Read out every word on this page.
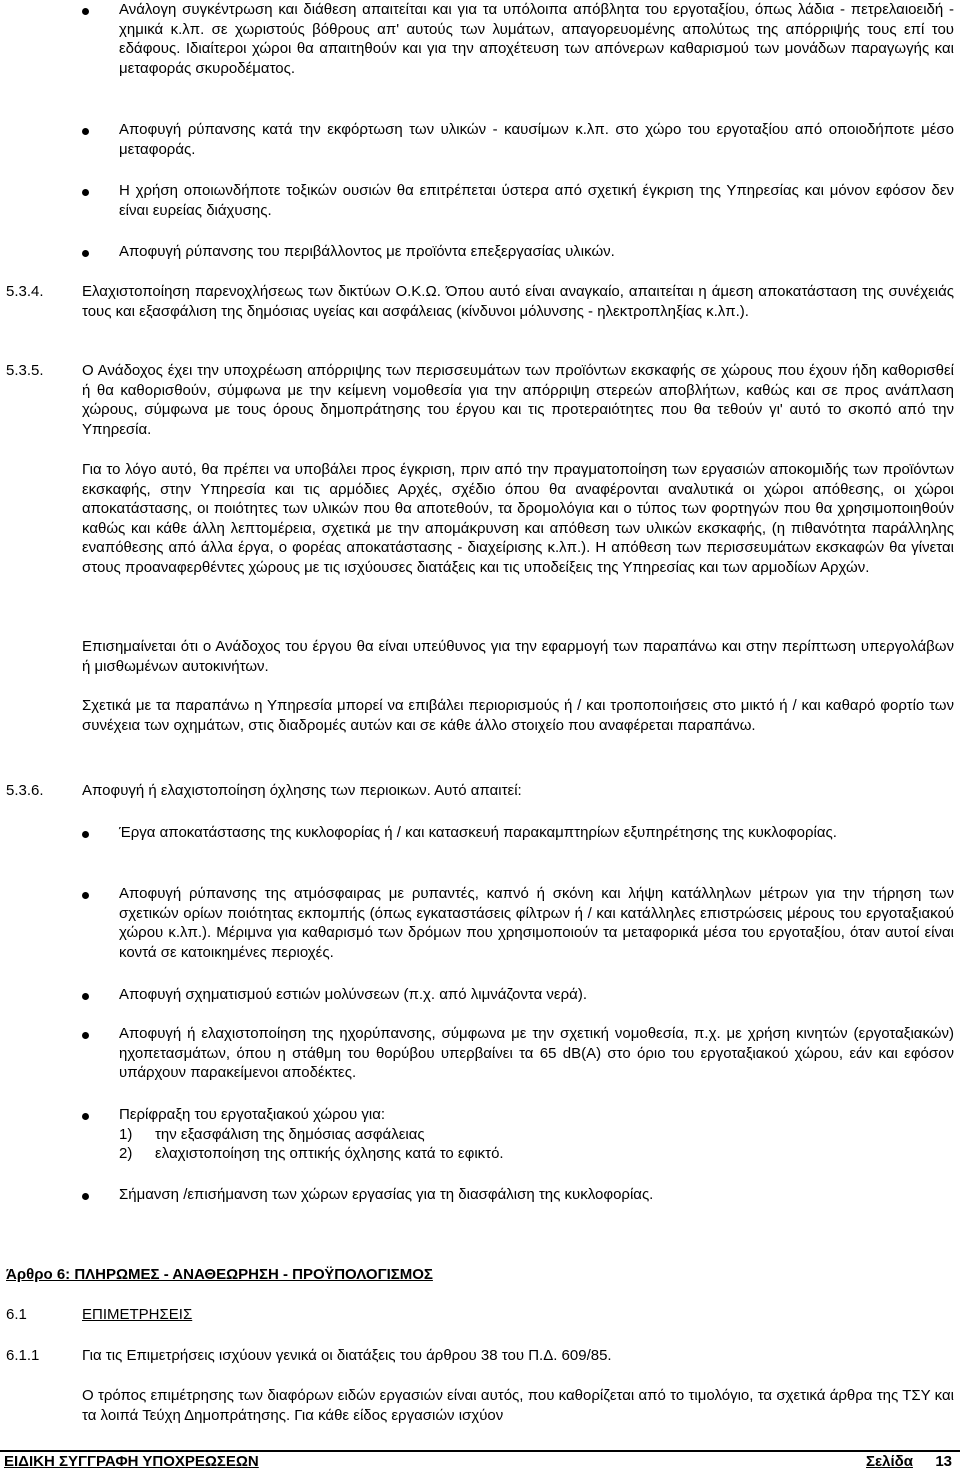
Ανάλογη συγκέντρωση και διάθεση απαιτείται και για τα υπόλοιπα απόβλητα του εργοταξίου, όπως λάδια - πετρελαιοειδή - χημικά κ.λπ. σε χωριστούς βόθρους απ' αυτούς των λυμάτων, απαγορευομένης απολύτως της απόρριψής τους επί του εδάφους. Ιδιαίτεροι χώροι θα απαιτηθούν και για την αποχέτευση των απόνερων καθαρισμού των μονάδων παραγωγής και μεταφοράς σκυροδέματος.

Αποφυγή ρύπανσης κατά την εκφόρτωση των υλικών - καυσίμων κ.λπ. στο χώρο του εργοταξίου από οποιοδήποτε μέσο μεταφοράς.

Η χρήση οποιωνδήποτε τοξικών ουσιών θα επιτρέπεται ύστερα από σχετική έγκριση της Υπηρεσίας και μόνον εφόσον δεν είναι ευρείας διάχυσης.

Αποφυγή ρύπανσης του περιβάλλοντος με προϊόντα επεξεργασίας υλικών.

5.3.4.	Ελαχιστοποίηση παρενοχλήσεως των δικτύων Ο.Κ.Ω. Όπου αυτό είναι αναγκαίο, απαιτείται η άμεση αποκατάσταση της συνέχειάς τους και εξασφάλιση της δημόσιας υγείας και ασφάλειας (κίνδυνοι μόλυνσης - ηλεκτροπληξίας κ.λπ.).

5.3.5.	Ο Ανάδοχος έχει την υποχρέωση απόρριψης των περισσευμάτων των προϊόντων εκσκαφής σε χώρους που έχουν ήδη καθορισθεί ή θα καθορισθούν, σύμφωνα με την κείμενη νομοθεσία για την απόρριψη στερεών αποβλήτων, καθώς και σε προς ανάπλαση χώρους, σύμφωνα με τους όρους δημοπράτησης του έργου και τις προτεραιότητες που θα τεθούν γι' αυτό το σκοπό από την Υπηρεσία.

Για το λόγο αυτό, θα πρέπει να υποβάλει προς έγκριση, πριν από την πραγματοποίηση των εργασιών αποκομιδής των προϊόντων εκσκαφής, στην Υπηρεσία και τις αρμόδιες Αρχές, σχέδιο όπου θα αναφέρονται αναλυτικά οι χώροι απόθεσης, οι χώροι αποκατάστασης, οι ποιότητες των υλικών που θα αποτεθούν, τα δρομολόγια και ο τύπος των φορτηγών που θα χρησιμοποιηθούν καθώς και κάθε άλλη λεπτομέρεια, σχετικά με την απομάκρυνση και απόθεση των υλικών εκσκαφής, (η πιθανότητα παράλληλης εναπόθεσης από άλλα έργα, ο φορέας αποκατάστασης - διαχείρισης κ.λπ.). Η απόθεση των περισσευμάτων εκσκαφών θα γίνεται στους προαναφερθέντες χώρους με τις ισχύουσες διατάξεις και τις υποδείξεις της Υπηρεσίας και των αρμοδίων Αρχών.

Επισημαίνεται ότι ο Ανάδοχος του έργου θα είναι υπεύθυνος για την εφαρμογή των παραπάνω και στην περίπτωση υπεργολάβων ή μισθωμένων αυτοκινήτων.

Σχετικά με τα παραπάνω η Υπηρεσία μπορεί να επιβάλει περιορισμούς ή / και τροποποιήσεις στο μικτό ή / και καθαρό φορτίο των συνέχεια των οχημάτων, στις διαδρομές αυτών και σε κάθε άλλο στοιχείο που αναφέρεται παραπάνω.

5.3.6.	Αποφυγή ή ελαχιστοποίηση όχλησης των περιοικων. Αυτό απαιτεί:

Έργα αποκατάστασης της κυκλοφορίας ή / και κατασκευή παρακαμπτηρίων εξυπηρέτησης της κυκλοφορίας.

Αποφυγή ρύπανσης της ατμόσφαιρας με ρυπαντές, καπνό ή σκόνη και λήψη κατάλληλων μέτρων για την τήρηση των σχετικών ορίων ποιότητας εκπομπής (όπως εγκαταστάσεις φίλτρων ή / και κατάλληλες επιστρώσεις μέρους του εργοταξιακού χώρου κ.λπ.). Μέριμνα για καθαρισμό των δρόμων που χρησιμοποιούν τα μεταφορικά μέσα του εργοταξίου, όταν αυτοί είναι κοντά σε κατοικημένες περιοχές.

Αποφυγή σχηματισμού εστιών μολύνσεων (π.χ. από λιμνάζοντα νερά).

Αποφυγή ή ελαχιστοποίηση της ηχορύπανσης, σύμφωνα με την σχετική νομοθεσία, π.χ. με χρήση κινητών (εργοταξιακών) ηχοπετασμάτων, όπου η στάθμη του θορύβου υπερβαίνει τα 65 dB(A) στο όριο του εργοταξιακού χώρου, εάν και εφόσον υπάρχουν παρακείμενοι αποδέκτες.

Περίφραξη του εργοταξιακού χώρου για:
1) την εξασφάλιση της δημόσιας ασφάλειας
2) ελαχιστοποίηση της οπτικής όχλησης κατά το εφικτό.

Σήμανση /επισήμανση των χώρων εργασίας για τη διασφάλιση της κυκλοφορίας.

Άρθρο 6: ΠΛΗΡΩΜΕΣ - ΑΝΑΘΕΩΡΗΣΗ - ΠΡΟΫΠΟΛΟΓΙΣΜΟΣ
6.1	ΕΠΙΜΕΤΡΗΣΕΙΣ
6.1.1	Για τις Επιμετρήσεις ισχύουν γενικά οι διατάξεις του άρθρου 38 του Π.Δ. 609/85.

Ο τρόπος επιμέτρησης των διαφόρων ειδών εργασιών είναι αυτός, που καθορίζεται από το τιμολόγιο, τα σχετικά άρθρα της ΤΣΥ και τα λοιπά Τεύχη Δημοπράτησης. Για κάθε είδος εργασιών ισχύον

ΕΙΔΙΚΗ ΣΥΓΓΡΑΦΗ ΥΠΟΧΡΕΩΣΕΩΝ	Σελίδα 13
